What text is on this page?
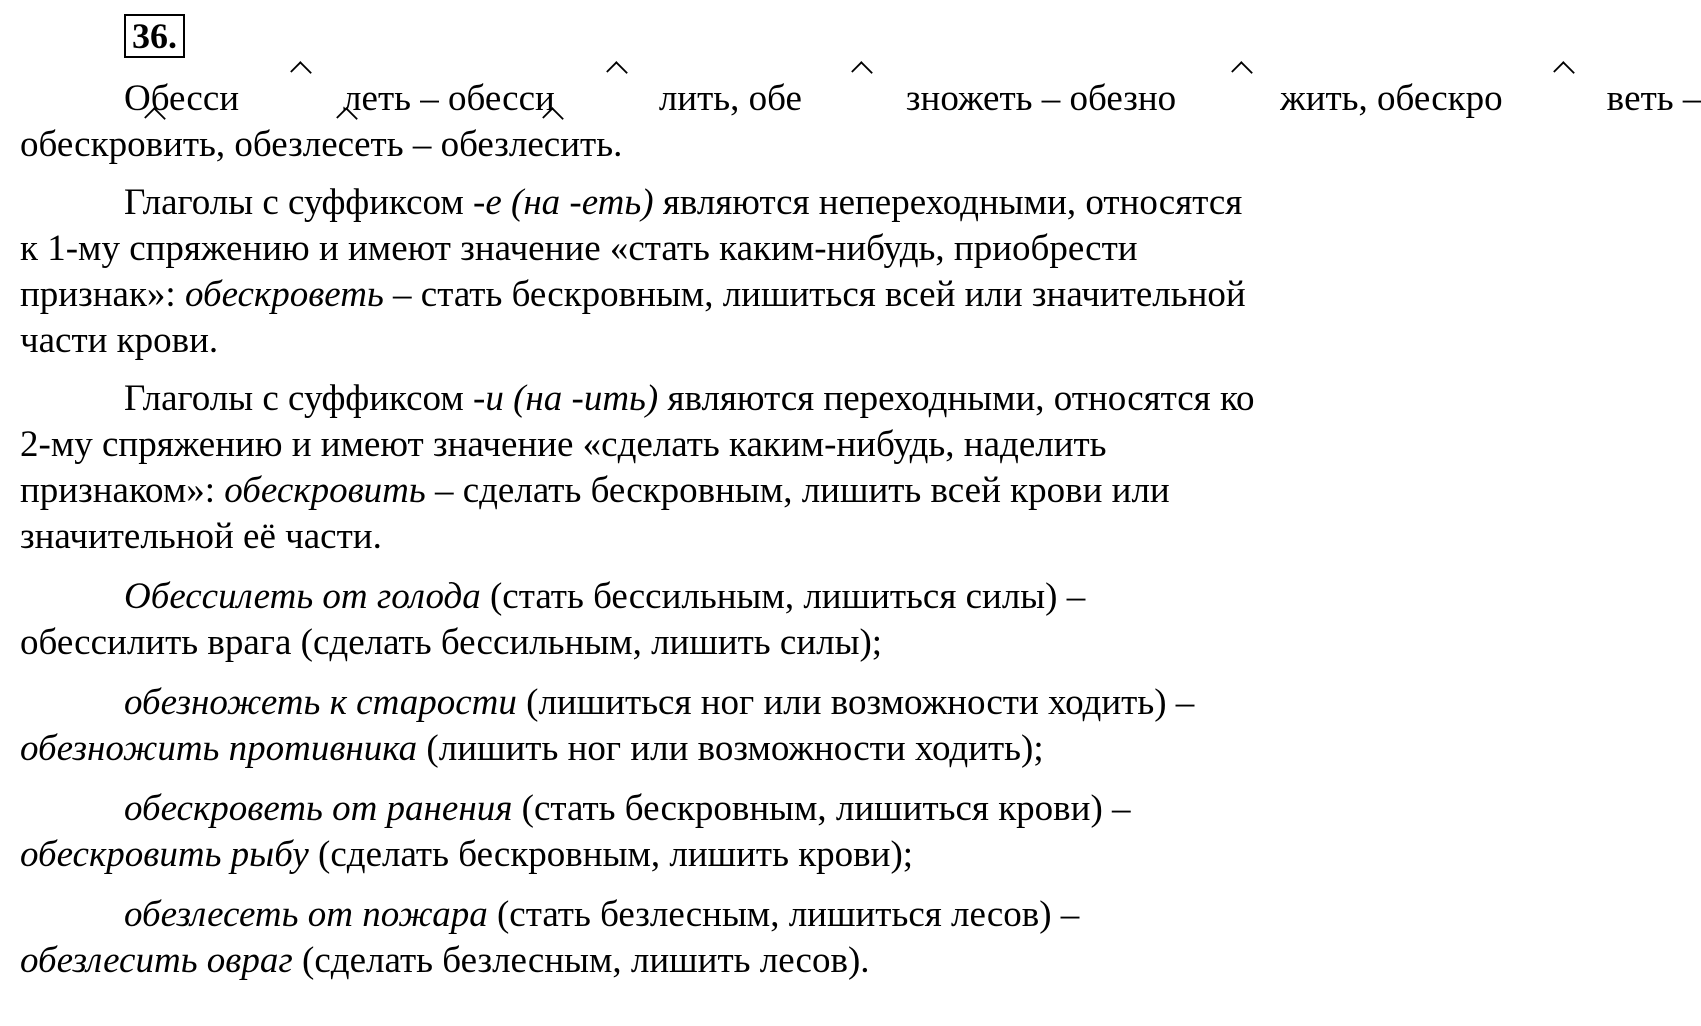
36.

Обесси	леть – обесси	лить, обе	зножеть – обезно	жить, обескро	веть –
обескровить, обезлесеть – обезлесить.

Глаголы с суффиксом -е (на -еть) являются непереходными, относятся
к 1-му спряжению и имеют значение «стать каким-нибудь, приобрести
признак»: обескроветь – стать бескровным, лишиться всей или значительной
части крови.

Глаголы с суффиксом -и (на -ить) являются переходными, относятся ко
2-му спряжению и имеют значение «сделать каким-нибудь, наделить
признаком»: обескровить – сделать бескровным, лишить всей крови или
значительной её части.

Обессилеть от голода (стать бессильным, лишиться силы) –
обессилить врага (сделать бессильным, лишить силы);

обезножеть к старости (лишиться ног или возможности ходить) –
обезножить противника (лишить ног или возможности ходить);

обескроветь от ранения (стать бескровным, лишиться крови) –
обескровить рыбу (сделать бескровным, лишить крови);

обезлесеть от пожара (стать безлесным, лишиться лесов) –
обезлесить овраг (сделать безлесным, лишить лесов).
